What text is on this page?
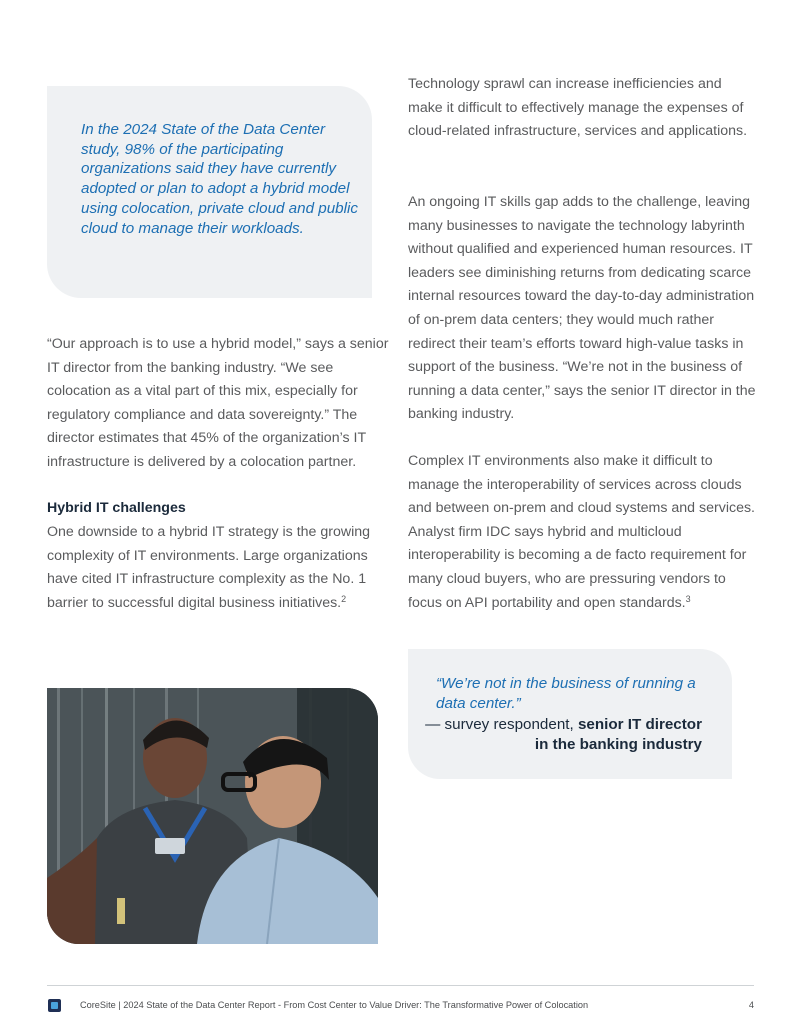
In the 2024 State of the Data Center study, 98% of the participating organizations said they have currently adopted or plan to adopt a hybrid model using colocation, private cloud and public cloud to manage their workloads.

“Our approach is to use a hybrid model,” says a senior IT director from the banking industry. “We see colocation as a vital part of this mix, especially for regulatory compliance and data sovereignty.” The director estimates that 45% of the organization’s IT infrastructure is delivered by a colocation partner.

Hybrid IT challenges

One downside to a hybrid IT strategy is the growing complexity of IT environments. Large organizations have cited IT infrastructure complexity as the No. 1 barrier to successful digital business initiatives.$^2$

Technology sprawl can increase inefficiencies and make it difficult to effectively manage the expenses of cloud-related infrastructure, services and applications.

An ongoing IT skills gap adds to the challenge, leaving many businesses to navigate the technology labyrinth without qualified and experienced human resources. IT leaders see diminishing returns from dedicating scarce internal resources toward the day-to-day administration of on-prem data centers; they would much rather redirect their team’s efforts toward high-value tasks in support of the business. “We’re not in the business of running a data center,” says the senior IT director in the banking industry.

Complex IT environments also make it difficult to manage the interoperability of services across clouds and between on-prem and cloud systems and services. Analyst firm IDC says hybrid and multicloud interoperability is becoming a de facto requirement for many cloud buyers, who are pressuring vendors to focus on API portability and open standards.$^3$

“We’re not in the business of running a data center.”
— survey respondent, senior IT director in the banking industry
CoreSite | 2024 State of the Data Center Report - From Cost Center to Value Driver: The Transformative Power of Colocation	4
